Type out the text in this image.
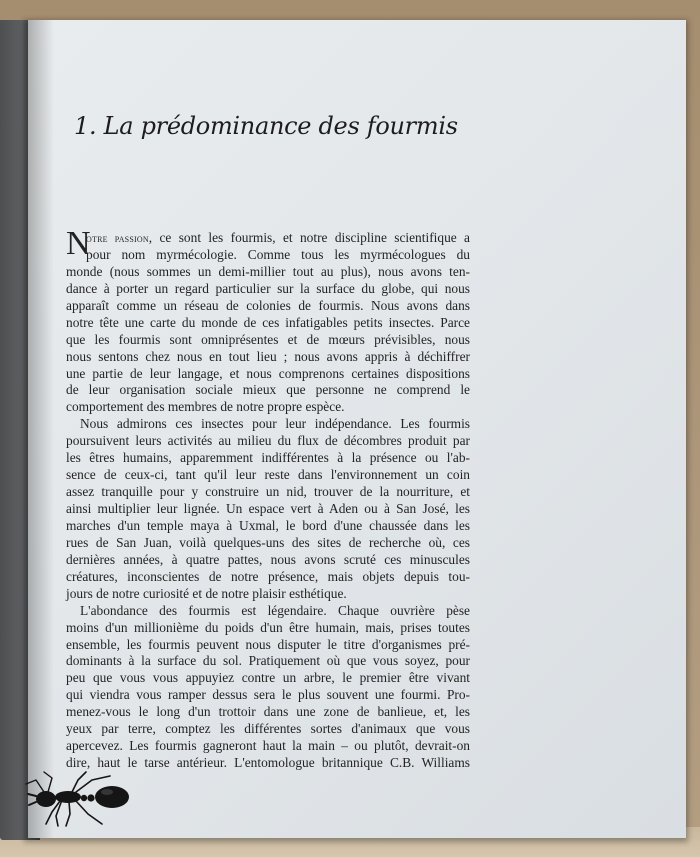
1. La prédominance des fourmis
N
otre passion, ce sont les fourmis, et notre discipline scientifique a
pour nom myrmécologie. Comme tous les myrmécologues du
monde (nous sommes un demi-millier tout au plus), nous avons ten-
dance à porter un regard particulier sur la surface du globe, qui nous
apparaît comme un réseau de colonies de fourmis. Nous avons dans
notre tête une carte du monde de ces infatigables petits insectes. Parce
que les fourmis sont omniprésentes et de mœurs prévisibles, nous
nous sentons chez nous en tout lieu ; nous avons appris à déchiffrer
une partie de leur langage, et nous comprenons certaines dispositions
de leur organisation sociale mieux que personne ne comprend le
comportement des membres de notre propre espèce.
Nous admirons ces insectes pour leur indépendance. Les fourmis
poursuivent leurs activités au milieu du flux de décombres produit par
les êtres humains, apparemment indifférentes à la présence ou l'ab-
sence de ceux-ci, tant qu'il leur reste dans l'environnement un coin
assez tranquille pour y construire un nid, trouver de la nourriture, et
ainsi multiplier leur lignée. Un espace vert à Aden ou à San José, les
marches d'un temple maya à Uxmal, le bord d'une chaussée dans les
rues de San Juan, voilà quelques-uns des sites de recherche où, ces
dernières années, à quatre pattes, nous avons scruté ces minuscules
créatures, inconscientes de notre présence, mais objets depuis tou-
jours de notre curiosité et de notre plaisir esthétique.
L'abondance des fourmis est légendaire. Chaque ouvrière pèse
moins d'un millionième du poids d'un être humain, mais, prises toutes
ensemble, les fourmis peuvent nous disputer le titre d'organismes pré-
dominants à la surface du sol. Pratiquement où que vous soyez, pour
peu que vous vous appuyiez contre un arbre, le premier être vivant
qui viendra vous ramper dessus sera le plus souvent une fourmi. Pro-
menez-vous le long d'un trottoir dans une zone de banlieue, et, les
yeux par terre, comptez les différentes sortes d'animaux que vous
apercevez. Les fourmis gagneront haut la main – ou plutôt, devrait-on
dire, haut le tarse antérieur. L'entomologue britannique C.B. Williams
